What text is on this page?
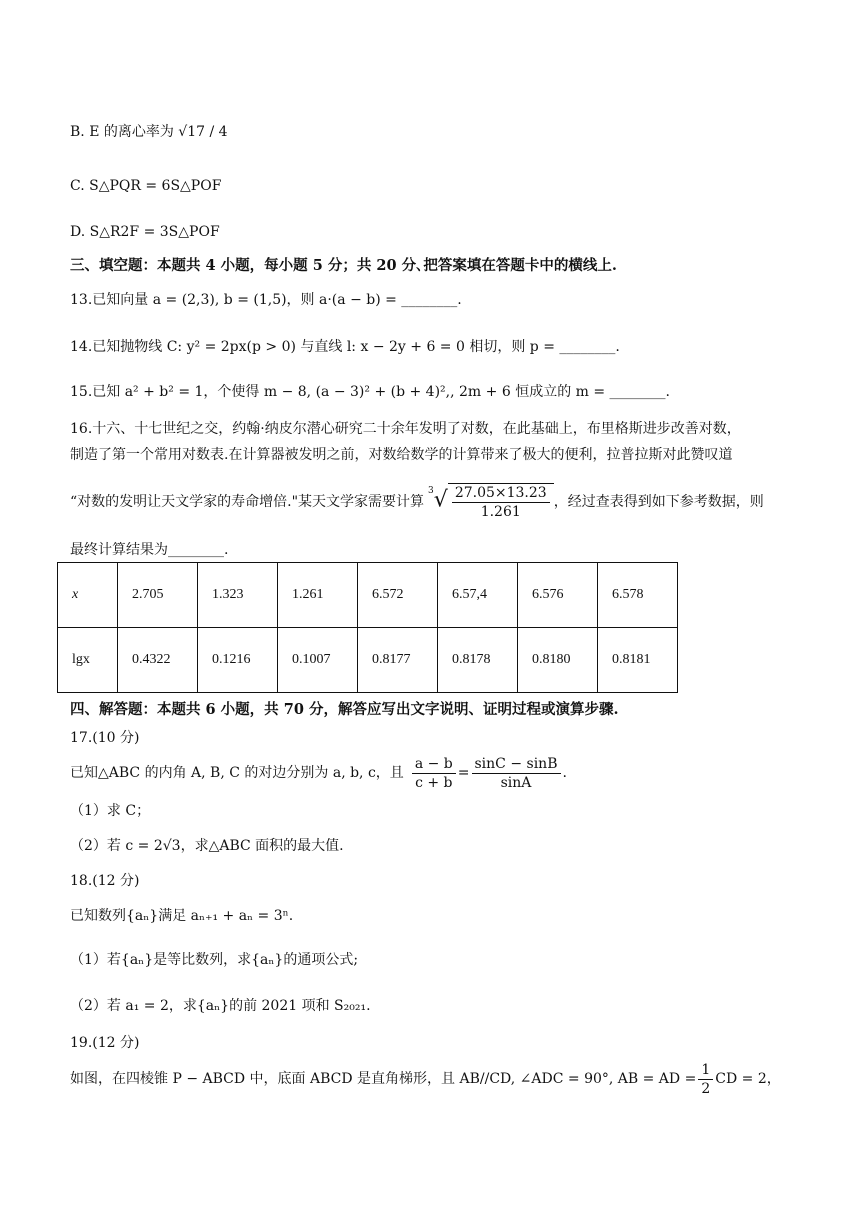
B. E 的离心率为 √17 / 4
C. S△PQR = 6S△POF
D. S△R2F = 3S△POF
三、填空题：本题共 4 小题，每小题 5 分；共 20 分､把答案填在答题卡中的横线上.
13.已知向量 a = (2,3), b = (1,5)，则 a·(a − b) = ________.
14.已知抛物线 C: y² = 2px(p > 0) 与直线 l: x − 2y + 6 = 0 相切，则 p = ________.
15.已知 a² + b² = 1，个使得 m − 8, (a − 3)² + (b + 4)²,, 2m + 6 恒成立的 m = ________.
16.十六、十七世纪之交，约翰·纳皮尔潜心研究二十余年发明了对数，在此基础上，布里格斯进步改善对数，
制造了第一个常用对数表.在计算器被发明之前，对数给数学的计算带来了极大的便利，拉普拉斯对此赞叹道
“对数的发明让天文学家的寿命增倍."某天文学家需要计算
$^3√ \frac{27.05\times 13.23}{1.261}$ ，经过查表得到如下参考数据，则
最终计算结果为________.
x	2.705	1.323	1.261	6.572	6.57,4	6.576	6.578
lgx	0.4322	0.1216	0.1007	0.8177	0.8178	0.8180	0.8181
四、解答题：本题共 6 小题，共 70 分，解答应写出文字说明、证明过程或演算步骤.
17.(10 分)
已知△ABC 的内角 A, B, C 的对边分别为 a, b, c，且 $\frac{a - b}{c + b} = \frac{\sin C - \sin B}{\sin A}$ .
（1）求 C；
（2）若 c = 2√3，求△ABC 面积的最大值.
18.(12 分)
已知数列{aₙ}满足 aₙ₊₁ + aₙ = 3ⁿ.
（1）若{aₙ}是等比数列，求{aₙ}的通项公式;
（2）若 a₁ = 2，求{aₙ}的前 2021 项和 S₂₀₂₁.
19.(12 分)
如图，在四棱锥 P − ABCD 中，底面 ABCD 是直角梯形，且 AB//CD, ∠ADC = 90°, AB = AD = $\frac{1}{2}$ CD = 2，
